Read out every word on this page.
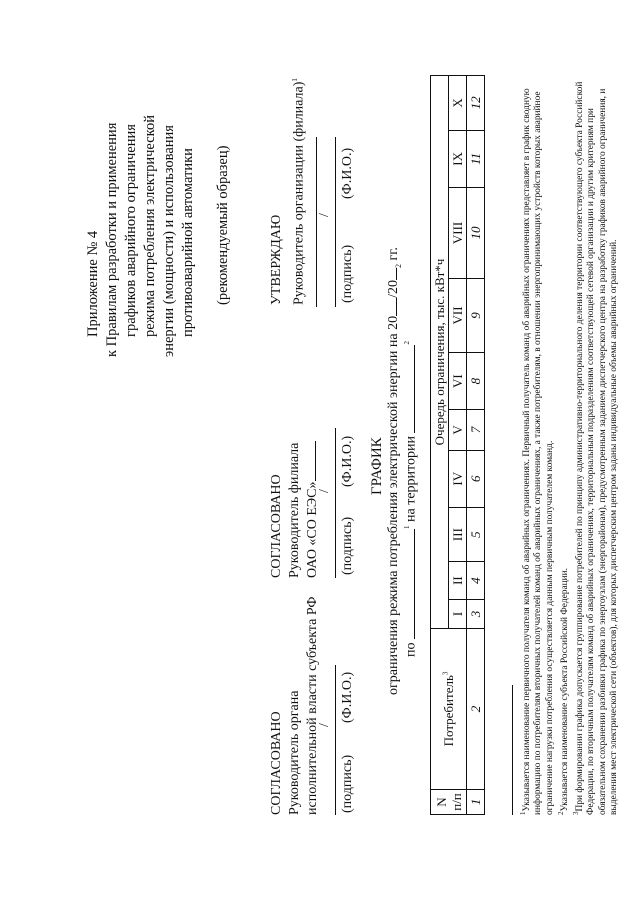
Приложение № 4 к Правилам разработки и применения графиков аварийного ограничения режима потребления электрической энергии (мощности) и использования противоаварийной автоматики (рекомендуемый образец)
СОГЛАСОВАНО Руководитель органа исполнительной власти субъекта РФ
/
(подпись)
(Ф.И.О.)
СОГЛАСОВАНО Руководитель филиала ОАО «СО ЕЭС»
/
(подпись)
(Ф.И.О.)
УТВЕРЖДАЮ Руководитель организации (филиала)$^1$
/
(подпись)
(Ф.И.О.)
ГРАФИК ограничения режима потребления электрической энергии на $20/20_2$ гг.
по $^1$ на территории $^2$
N п/п	Потребитель$^3$	Очередь ограничения, тыс. кВт*ч									
		I	II	III	IV	V	VI	VII	VIII	IX	X
1	2	3	4	5	6	7	8	9	10	11	12

$^1$Указывается наименование первичного получателя команд об аварийных ограничениях. Первичный получатель команд об аварийных ограничениях представляет в график сводную информацию по потребителям вторичных получателей команд об аварийных ограничениях, а также потребителям, в отношении энергопринимающих устройств которых аварийное ограничение нагрузки потребления осуществляется данным первичным получателем команд. $^2$Указывается наименование субъекта Российской Федерации.

$^3$При формировании графика допускается группирование потребителей по принципу административно-территориального деления территории соответствующего субъекта Российской Федерации, по вторичным получателям команд об аварийных ограничениях, территориальным подразделениям соответствующей сетевой организации и другим критериям при обязательном сохранении разбивки графика по энергоузлам (энергорайонам), предусмотренным заданием диспетчерского центра на разработку графиков аварийного ограничения, и выделения мест электрической сети (объектов), для которых диспетчерским центром заданы индивидуальные объемы аварийных ограничений.
